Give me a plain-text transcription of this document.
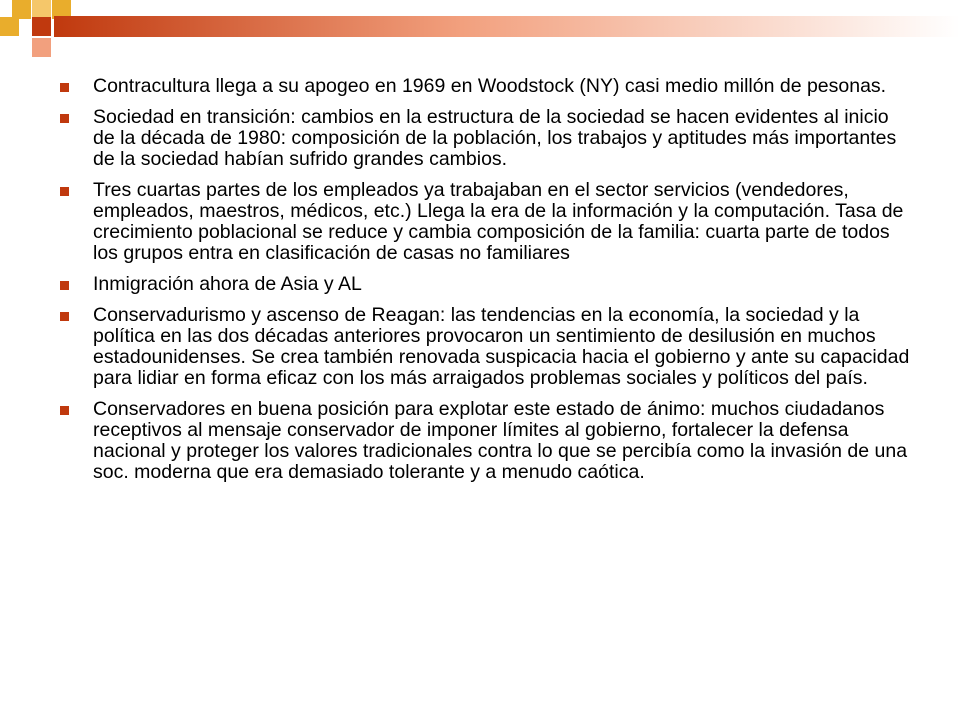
Contracultura llega a su apogeo en 1969 en Woodstock (NY) casi medio millón de pesonas.
Sociedad en transición: cambios en la estructura de la sociedad se hacen evidentes al inicio de la década de 1980: composición de la población, los trabajos y aptitudes más importantes de la sociedad habían sufrido grandes cambios.
Tres cuartas partes de los empleados ya trabajaban en el sector servicios (vendedores, empleados, maestros, médicos, etc.) Llega la era de la información y la computación. Tasa de crecimiento poblacional se reduce y cambia composición de la familia: cuarta parte de todos los grupos entra en clasificación de casas no familiares
Inmigración ahora de Asia y AL
Conservadurismo y ascenso de Reagan: las tendencias en la economía, la sociedad y la política en las dos décadas anteriores provocaron un sentimiento de desilusión en muchos estadounidenses. Se crea también renovada suspicacia hacia el gobierno y ante su capacidad para lidiar en forma eficaz con los más arraigados problemas sociales y políticos del país.
Conservadores en buena posición para explotar este estado de ánimo: muchos ciudadanos receptivos al mensaje conservador de imponer límites al gobierno, fortalecer la defensa nacional y proteger los valores tradicionales contra lo que se percibía como la invasión de una soc. moderna que era demasiado tolerante y a menudo caótica.
